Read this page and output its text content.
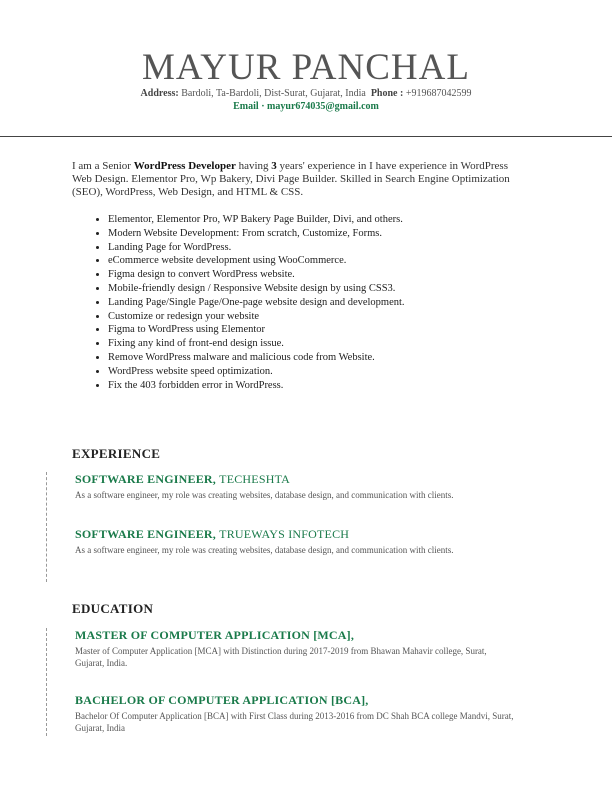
MAYUR PANCHAL
Address: Bardoli, Ta-Bardoli, Dist-Surat, Gujarat, India Phone : +919687042599
Email · mayur674035@gmail.com
I am a Senior WordPress Developer having 3 years' experience in I have experience in WordPress Web Design. Elementor Pro, Wp Bakery, Divi Page Builder. Skilled in Search Engine Optimization (SEO), WordPress, Web Design, and HTML & CSS.
• Elementor, Elementor Pro, WP Bakery Page Builder, Divi, and others.
• Modern Website Development: From scratch, Customize, Forms.
• Landing Page for WordPress.
• eCommerce website development using WooCommerce.
• Figma design to convert WordPress website.
• Mobile-friendly design / Responsive Website design by using CSS3.
• Landing Page/Single Page/One-page website design and development.
• Customize or redesign your website
• Figma to WordPress using Elementor
• Fixing any kind of front-end design issue.
• Remove WordPress malware and malicious code from Website.
• WordPress website speed optimization.
• Fix the 403 forbidden error in WordPress.
EXPERIENCE
SOFTWARE ENGINEER, TECHESHTA
As a software engineer, my role was creating websites, database design, and communication with clients.
SOFTWARE ENGINEER, TRUEWAYS INFOTECH
As a software engineer, my role was creating websites, database design, and communication with clients.
EDUCATION
MASTER OF COMPUTER APPLICATION [MCA],
Master of Computer Application [MCA] with Distinction during 2017-2019 from Bhawan Mahavir college, Surat, Gujarat, India.
BACHELOR OF COMPUTER APPLICATION [BCA],
Bachelor Of Computer Application [BCA] with First Class during 2013-2016 from DC Shah BCA college Mandvi, Surat, Gujarat, India
